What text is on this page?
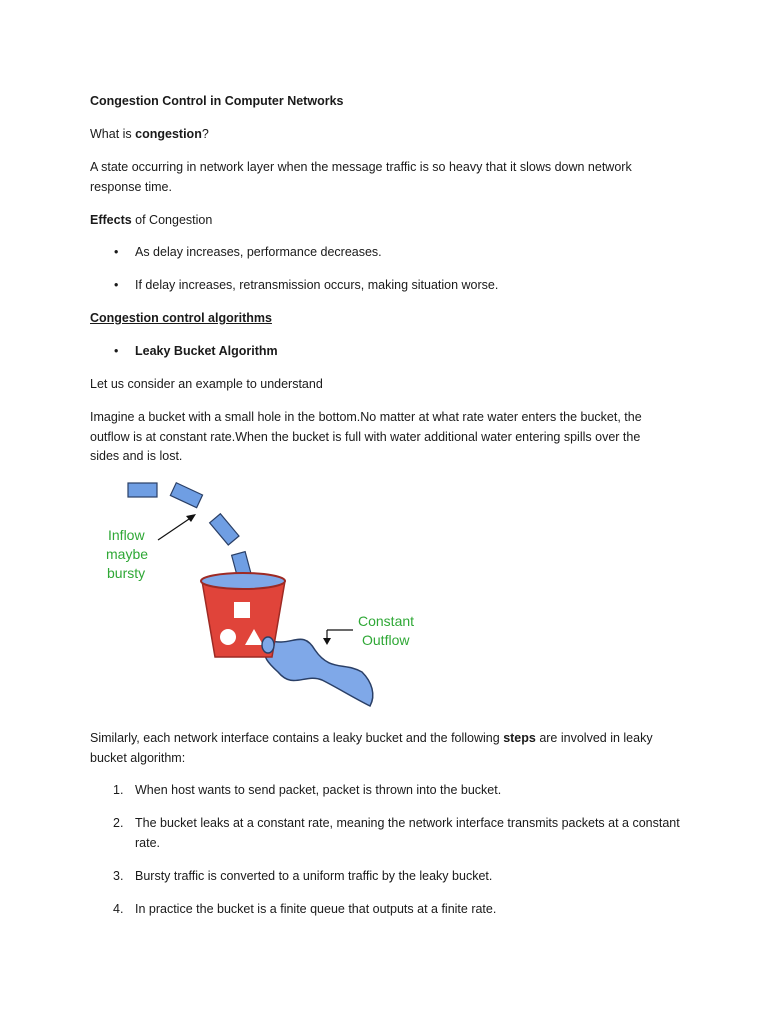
Congestion Control in Computer Networks

What is congestion?

A state occurring in network layer when the message traffic is so heavy that it slows down network response time.

Effects of Congestion

• As delay increases, performance decreases.
• If delay increases, retransmission occurs, making situation worse.

Congestion control algorithms

• Leaky Bucket Algorithm

Let us consider an example to understand

Imagine a bucket with a small hole in the bottom.No matter at what rate water enters the bucket, the outflow is at constant rate.When the bucket is full with water additional water entering spills over the sides and is lost.

Inflow
maybe
bursty
Constant
Outflow

Similarly, each network interface contains a leaky bucket and the following steps are involved in leaky bucket algorithm:

1. When host wants to send packet, packet is thrown into the bucket.
2. The bucket leaks at a constant rate, meaning the network interface transmits packets at a constant rate.
3. Bursty traffic is converted to a uniform traffic by the leaky bucket.
4. In practice the bucket is a finite queue that outputs at a finite rate.
